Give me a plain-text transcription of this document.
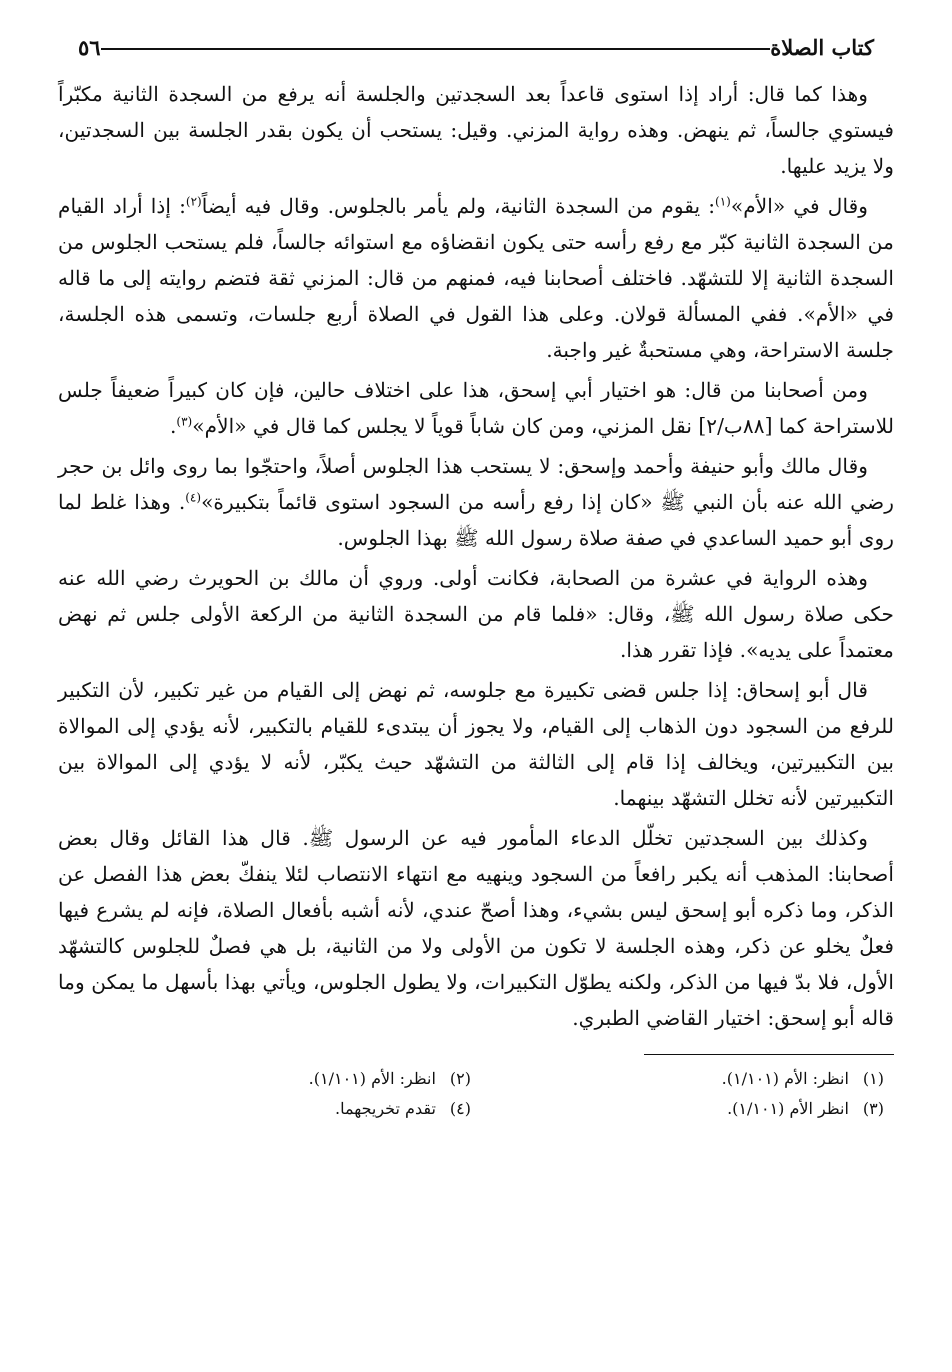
كتاب الصلاة
٥٦

وهذا كما قال: أراد إذا استوى قاعداً بعد السجدتين والجلسة أنه يرفع من السجدة الثانية مكبّراً فيستوي جالساً، ثم ينهض. وهذه رواية المزني. وقيل: يستحب أن يكون بقدر الجلسة بين السجدتين، ولا يزيد عليها.

وقال في «الأم»$^{(١)}$: يقوم من السجدة الثانية، ولم يأمر بالجلوس. وقال فيه أيضاً$^{(٢)}$: إذا أراد القيام من السجدة الثانية كبّر مع رفع رأسه حتى يكون انقضاؤه مع استوائه جالساً، فلم يستحب الجلوس من السجدة الثانية إلا للتشهّد. فاختلف أصحابنا فيه، فمنهم من قال: المزني ثقة فتضم روايته إلى ما قاله في «الأم». ففي المسألة قولان. وعلى هذا القول في الصلاة أربع جلسات، وتسمى هذه الجلسة، جلسة الاستراحة، وهي مستحبةٌ غير واجبة.

ومن أصحابنا من قال: هو اختيار أبي إسحق، هذا على اختلاف حالين، فإن كان كبيراً ضعيفاً جلس للاستراحة كما [٨٨ب/٢] نقل المزني، ومن كان شاباً قوياً لا يجلس كما قال في «الأم»$^{(٣)}$.

وقال مالك وأبو حنيفة وأحمد وإسحق: لا يستحب هذا الجلوس أصلاً، واحتجّوا بما روى وائل بن حجر رضي الله عنه بأن النبي ﷺ «كان إذا رفع رأسه من السجود استوى قائماً بتكبيرة»$^{(٤)}$. وهذا غلط لما روى أبو حميد الساعدي في صفة صلاة رسول الله ﷺ بهذا الجلوس.

وهذه الرواية في عشرة من الصحابة، فكانت أولى. وروي أن مالك بن الحويرث رضي الله عنه حكى صلاة رسول الله ﷺ، وقال: «فلما قام من السجدة الثانية من الركعة الأولى جلس ثم نهض معتمداً على يديه». فإذا تقرر هذا.

قال أبو إسحاق: إذا جلس قضى تكبيرة مع جلوسه، ثم نهض إلى القيام من غير تكبير، لأن التكبير للرفع من السجود دون الذهاب إلى القيام، ولا يجوز أن يبتدىء للقيام بالتكبير، لأنه يؤدي إلى الموالاة بين التكبيرتين، ويخالف إذا قام إلى الثالثة من التشهّد حيث يكبّر، لأنه لا يؤدي إلى الموالاة بين التكبيرتين لأنه تخلل التشهّد بينهما.

وكذلك بين السجدتين تخلّل الدعاء المأمور فيه عن الرسول ﷺ. قال هذا القائل وقال بعض أصحابنا: المذهب أنه يكبر رافعاً من السجود وينهيه مع انتهاء الانتصاب لئلا ينفكّ بعض هذا الفصل عن الذكر، وما ذكره أبو إسحق ليس بشيء، وهذا أصحّ عندي، لأنه أشبه بأفعال الصلاة، فإنه لم يشرع فيها فعلٌ يخلو عن ذكر، وهذه الجلسة لا تكون من الأولى ولا من الثانية، بل هي فصلٌ للجلوس كالتشهّد الأول، فلا بدّ فيها من الذكر، ولكنه يطوّل التكبيرات، ولا يطول الجلوس، ويأتي بهذا بأسهل ما يمكن وما قاله أبو إسحق: اختيار القاضي الطبري.

(١)انظر: الأم (١/١٠١).
(٢)انظر: الأم (١/١٠١).
(٣)انظر الأم (١/١٠١).
(٤)تقدم تخريجهما.
